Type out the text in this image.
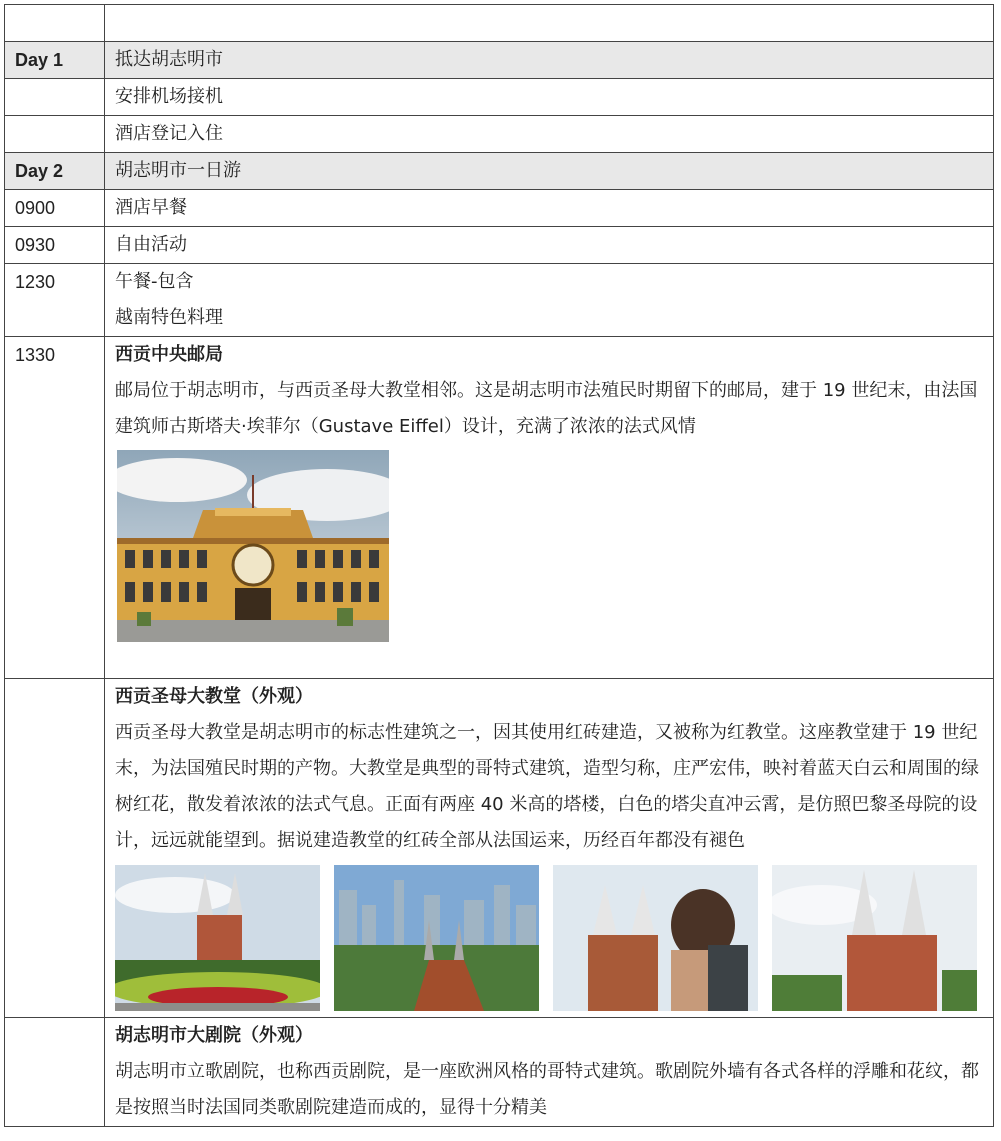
Day 1	抵达胡志明市
	安排机场接机
	酒店登记入住
Day 2	胡志明市一日游
0900	酒店早餐
0930	自由活动
1230	午餐-包含
越南特色料理

1330	西贡中央邮局
邮局位于胡志明市，与西贡圣母大教堂相邻。这是胡志明市法殖民时期留下的邮局，建于 19 世纪末，由法国建筑师古斯塔夫·埃菲尔（Gustave Eiffel）设计，充满了浓浓的法式风情

	西贡圣母大教堂（外观）
西贡圣母大教堂是胡志明市的标志性建筑之一，因其使用红砖建造，又被称为红教堂。这座教堂建于 19 世纪末，为法国殖民时期的产物。大教堂是典型的哥特式建筑，造型匀称，庄严宏伟，映衬着蓝天白云和周围的绿树红花，散发着浓浓的法式气息。正面有两座 40 米高的塔楼，白色的塔尖直冲云霄，是仿照巴黎圣母院的设计，远远就能望到。据说建造教堂的红砖全部从法国运来，历经百年都没有褪色

	胡志明市大剧院（外观）
胡志明市立歌剧院，也称西贡剧院，是一座欧洲风格的哥特式建筑。歌剧院外墙有各式各样的浮雕和花纹，都是按照当时法国同类歌剧院建造而成的，显得十分精美
